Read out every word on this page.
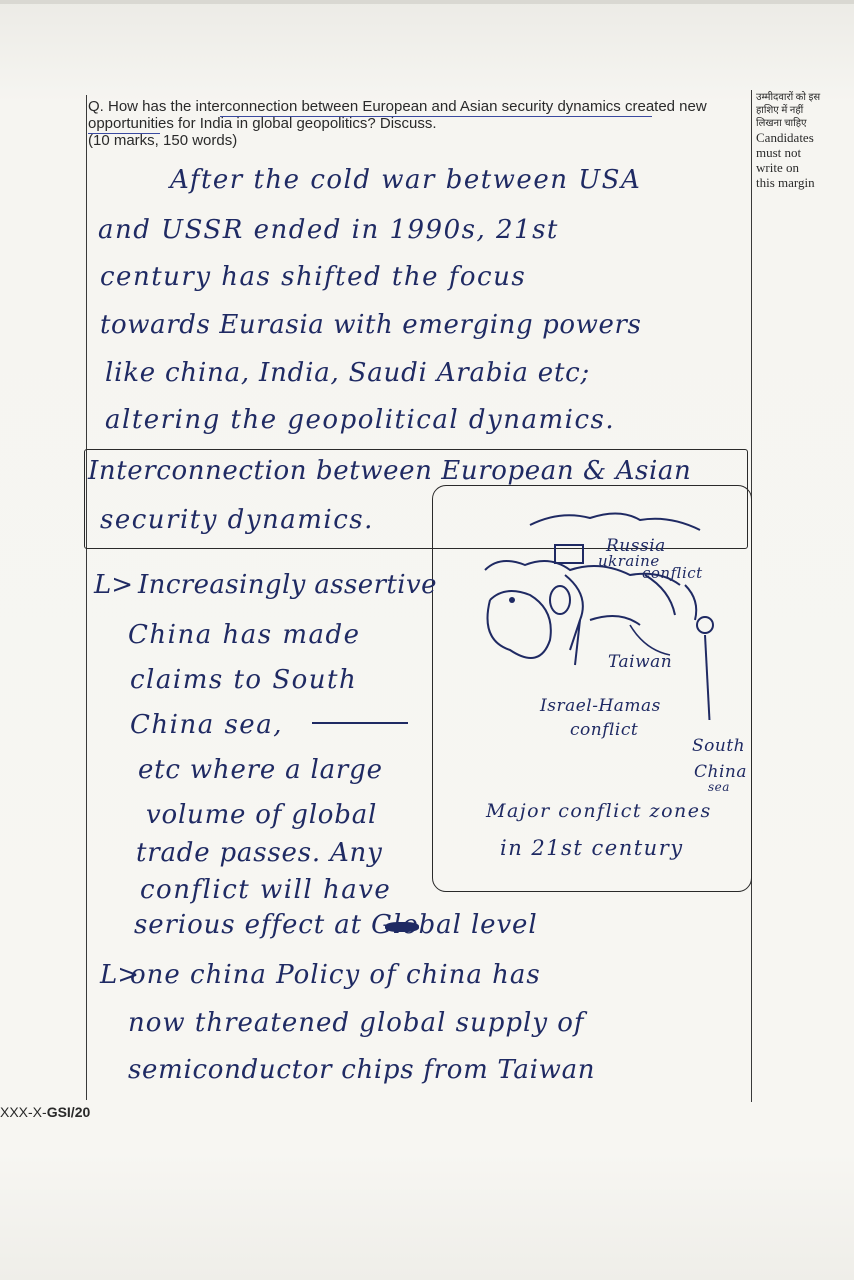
Q. How has the interconnection between European and Asian security dynamics created new opportunities for India in global geopolitics? Discuss.
(10 marks, 150 words)
उम्मीदवारों को इस
हाशिए में नहीं
लिखना चाहिए
Candidates
must not
write on
this margin
After the cold war between USA
and USSR ended in 1990s, 21st
century has shifted the focus
towards Eurasia with emerging powers
like china, India, Saudi Arabia etc;
altering the geopolitical dynamics.
Interconnection between European & Asian
security dynamics.
Russia
ukraine
conflict
Taiwan
Israel-Hamas
conflict
South
China
sea
Major conflict zones
in 21st century
L> Increasingly assertive
China has made
claims to South
China sea,
etc where a large
volume of global
trade passes. Any
conflict will have
serious effect at Global level
L>
one china Policy of china has
now threatened global supply of
semiconductor chips from Taiwan
XXX-X-GSI/20
